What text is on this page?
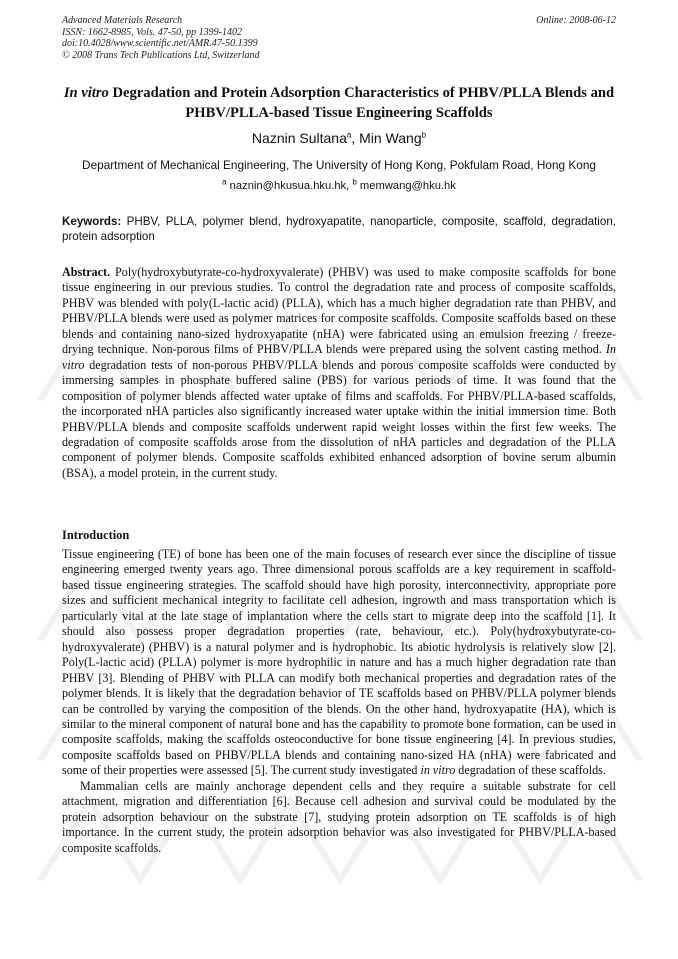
Advanced Materials Research
ISSN: 1662-8985, Vols. 47-50, pp 1399-1402
doi:10.4028/www.scientific.net/AMR.47-50.1399
© 2008 Trans Tech Publications Ltd, Switzerland
Online: 2008-06-12
In vitro Degradation and Protein Adsorption Characteristics of PHBV/PLLA Blends and PHBV/PLLA-based Tissue Engineering Scaffolds
Naznin Sultana$^a$, Min Wang$^b$
Department of Mechanical Engineering, The University of Hong Kong, Pokfulam Road, Hong Kong
$^a$ naznin@hkusua.hku.hk, $^b$ memwang@hku.hk
Keywords: PHBV, PLLA, polymer blend, hydroxyapatite, nanoparticle, composite, scaffold, degradation, protein adsorption

Abstract. Poly(hydroxybutyrate-co-hydroxyvalerate) (PHBV) was used to make composite scaffolds for bone tissue engineering in our previous studies. To control the degradation rate and process of composite scaffolds, PHBV was blended with poly(L-lactic acid) (PLLA), which has a much higher degradation rate than PHBV, and PHBV/PLLA blends were used as polymer matrices for composite scaffolds. Composite scaffolds based on these blends and containing nano-sized hydroxyapatite (nHA) were fabricated using an emulsion freezing / freeze-drying technique. Non-porous films of PHBV/PLLA blends were prepared using the solvent casting method. In vitro degradation tests of non-porous PHBV/PLLA blends and porous composite scaffolds were conducted by immersing samples in phosphate buffered saline (PBS) for various periods of time. It was found that the composition of polymer blends affected water uptake of films and scaffolds. For PHBV/PLLA-based scaffolds, the incorporated nHA particles also significantly increased water uptake within the initial immersion time. Both PHBV/PLLA blends and composite scaffolds underwent rapid weight losses within the first few weeks. The degradation of composite scaffolds arose from the dissolution of nHA particles and degradation of the PLLA component of polymer blends. Composite scaffolds exhibited enhanced adsorption of bovine serum albumin (BSA), a model protein, in the current study.

Introduction

Tissue engineering (TE) of bone has been one of the main focuses of research ever since the discipline of tissue engineering emerged twenty years ago. Three dimensional porous scaffolds are a key requirement in scaffold-based tissue engineering strategies. The scaffold should have high porosity, interconnectivity, appropriate pore sizes and sufficient mechanical integrity to facilitate cell adhesion, ingrowth and mass transportation which is particularly vital at the late stage of implantation where the cells start to migrate deep into the scaffold [1]. It should also possess proper degradation properties (rate, behaviour, etc.). Poly(hydroxybutyrate-co-hydroxyvalerate) (PHBV) is a natural polymer and is hydrophobic. Its abiotic hydrolysis is relatively slow [2]. Poly(L-lactic acid) (PLLA) polymer is more hydrophilic in nature and has a much higher degradation rate than PHBV [3]. Blending of PHBV with PLLA can modify both mechanical properties and degradation rates of the polymer blends. It is likely that the degradation behavior of TE scaffolds based on PHBV/PLLA polymer blends can be controlled by varying the composition of the blends. On the other hand, hydroxyapatite (HA), which is similar to the mineral component of natural bone and has the capability to promote bone formation, can be used in composite scaffolds, making the scaffolds osteoconductive for bone tissue engineering [4]. In previous studies, composite scaffolds based on PHBV/PLLA blends and containing nano-sized HA (nHA) were fabricated and some of their properties were assessed [5]. The current study investigated in vitro degradation of these scaffolds.

Mammalian cells are mainly anchorage dependent cells and they require a suitable substrate for cell attachment, migration and differentiation [6]. Because cell adhesion and survival could be modulated by the protein adsorption behaviour on the substrate [7], studying protein adsorption on TE scaffolds is of high importance. In the current study, the protein adsorption behavior was also investigated for PHBV/PLLA-based composite scaffolds.
